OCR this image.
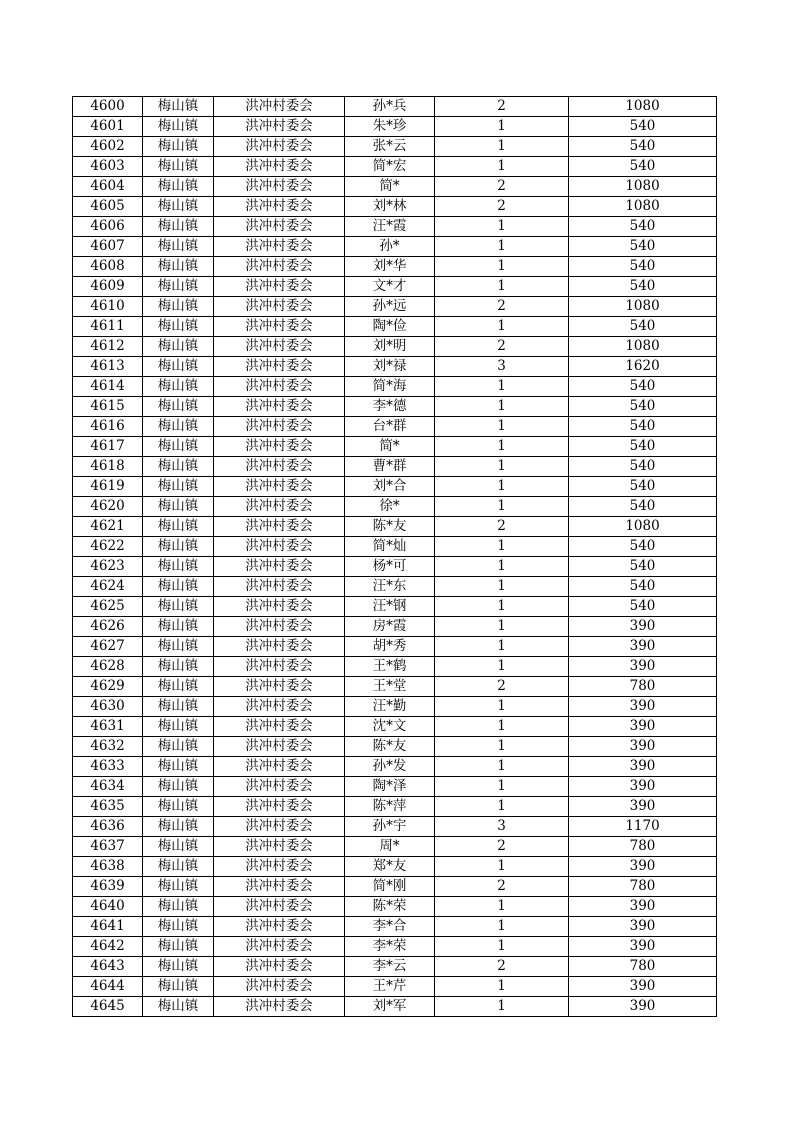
4600	梅山镇	洪冲村委会	孙*兵	2	1080
4601	梅山镇	洪冲村委会	朱*珍	1	540
4602	梅山镇	洪冲村委会	张*云	1	540
4603	梅山镇	洪冲村委会	简*宏	1	540
4604	梅山镇	洪冲村委会	简*	2	1080
4605	梅山镇	洪冲村委会	刘*林	2	1080
4606	梅山镇	洪冲村委会	汪*霞	1	540
4607	梅山镇	洪冲村委会	孙*	1	540
4608	梅山镇	洪冲村委会	刘*华	1	540
4609	梅山镇	洪冲村委会	文*才	1	540
4610	梅山镇	洪冲村委会	孙*远	2	1080
4611	梅山镇	洪冲村委会	陶*俭	1	540
4612	梅山镇	洪冲村委会	刘*明	2	1080
4613	梅山镇	洪冲村委会	刘*禄	3	1620
4614	梅山镇	洪冲村委会	简*海	1	540
4615	梅山镇	洪冲村委会	李*德	1	540
4616	梅山镇	洪冲村委会	台*群	1	540
4617	梅山镇	洪冲村委会	简*	1	540
4618	梅山镇	洪冲村委会	曹*群	1	540
4619	梅山镇	洪冲村委会	刘*合	1	540
4620	梅山镇	洪冲村委会	徐*	1	540
4621	梅山镇	洪冲村委会	陈*友	2	1080
4622	梅山镇	洪冲村委会	简*灿	1	540
4623	梅山镇	洪冲村委会	杨*可	1	540
4624	梅山镇	洪冲村委会	汪*东	1	540
4625	梅山镇	洪冲村委会	汪*钢	1	540
4626	梅山镇	洪冲村委会	房*霞	1	390
4627	梅山镇	洪冲村委会	胡*秀	1	390
4628	梅山镇	洪冲村委会	王*鹤	1	390
4629	梅山镇	洪冲村委会	王*堂	2	780
4630	梅山镇	洪冲村委会	汪*勤	1	390
4631	梅山镇	洪冲村委会	沈*文	1	390
4632	梅山镇	洪冲村委会	陈*友	1	390
4633	梅山镇	洪冲村委会	孙*发	1	390
4634	梅山镇	洪冲村委会	陶*泽	1	390
4635	梅山镇	洪冲村委会	陈*萍	1	390
4636	梅山镇	洪冲村委会	孙*宇	3	1170
4637	梅山镇	洪冲村委会	周*	2	780
4638	梅山镇	洪冲村委会	郑*友	1	390
4639	梅山镇	洪冲村委会	简*刚	2	780
4640	梅山镇	洪冲村委会	陈*荣	1	390
4641	梅山镇	洪冲村委会	李*合	1	390
4642	梅山镇	洪冲村委会	李*荣	1	390
4643	梅山镇	洪冲村委会	李*云	2	780
4644	梅山镇	洪冲村委会	王*芹	1	390
4645	梅山镇	洪冲村委会	刘*军	1	390
